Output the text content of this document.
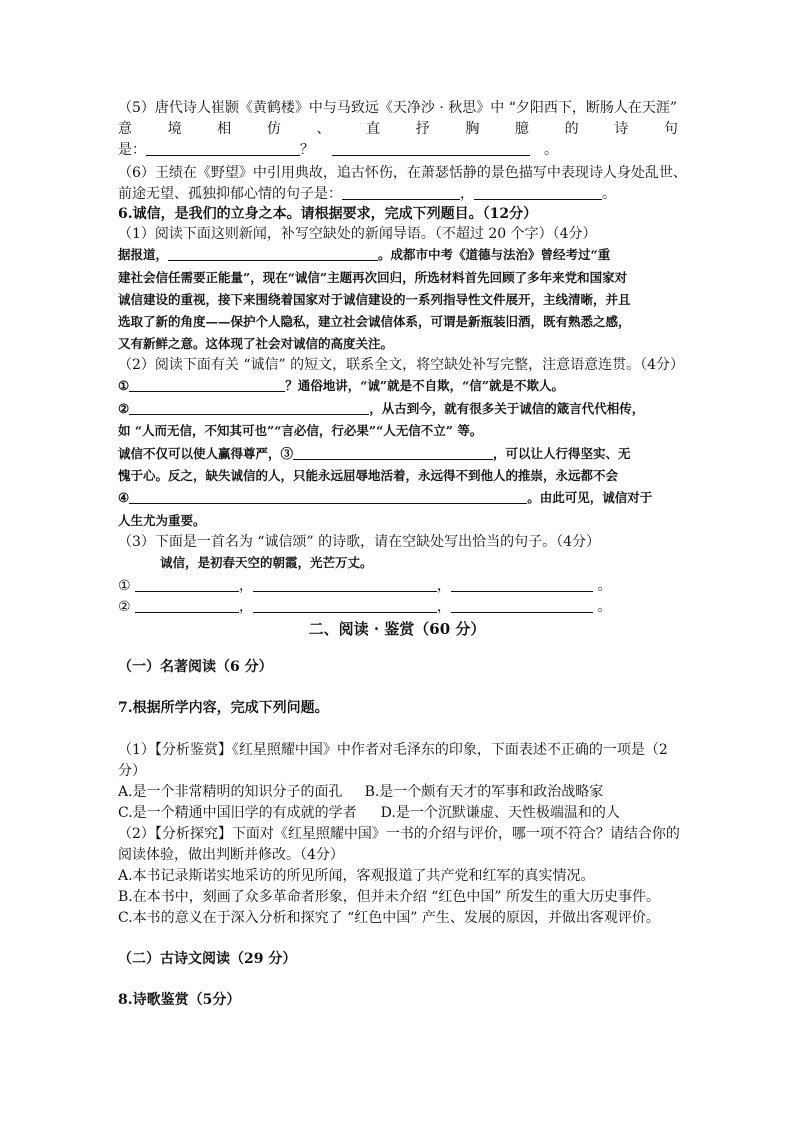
（5）唐代诗人崔颢《黄鹤楼》中与马致远《天净沙 · 秋思》中 “夕阳西下，断肠人在天涯”
意	境	相	仿	、	直	抒	胸	臆	的	诗	句
是：	？	。
（6）王绩在《野望》中引用典故，追古怀伤，在萧瑟恬静的景色描写中表现诗人身处乱世、
前途无望、孤独抑郁心情的句子是：	，	。
6.诚信，是我们的立身之本。请根据要求，完成下列题目。（12分）
（1）阅读下面这则新闻，补写空缺处的新闻导语。（不超过 20 个字）（4分）
据报道，	。成都市中考《道德与法治》曾经考过“重
建社会信任需要正能量”，现在“诚信”主题再次回归，所选材料首先回顾了多年来党和国家对
诚信建设的重视，接下来围绕着国家对于诚信建设的一系列指导性文件展开，主线清晰，并且
选取了新的角度——保护个人隐私，建立社会诚信体系，可谓是新瓶装旧酒，既有熟悉之感，
又有新鲜之意。这体现了社会对诚信的高度关注。
（2）阅读下面有关 “诚信” 的短文，联系全文，将空缺处补写完整，注意语意连贯。（4分）
①	？通俗地讲，“诚”就是不自欺，“信”就是不欺人。
②	，从古到今，就有很多关于诚信的箴言代代相传，
如 “人而无信，不知其可也”“言必信，行必果”“人无信不立” 等。
诚信不仅可以使人赢得尊严，③	，可以让人行得坚实、无
愧于心。反之，缺失诚信的人，只能永远屈辱地活着，永远得不到他人的推崇，永远都不会
④	。由此可见，诚信对于
人生尤为重要。
（3）下面是一首名为 “诚信颂” 的诗歌，请在空缺处写出恰当的句子。（4分）
诚信，是初春天空的朝霞，光芒万丈。
①	，	，	。
②	，	，	。
二、阅读 · 鉴赏（60 分）
（一）名著阅读（6 分）
7.根据所学内容，完成下列问题。
（1）【分析鉴赏】《红星照耀中国》中作者对毛泽东的印象，下面表述不正确的一项是（2
分）
A.是一个非常精明的知识分子的面孔 B.是一个颇有天才的军事和政治战略家
C.是一个精通中国旧学的有成就的学者 D.是一个沉默谦虚、天性极端温和的人
（2）【分析探究】下面对《红星照耀中国》一书的介绍与评价，哪一项不符合？请结合你的
阅读体验，做出判断并修改。（4分）
A.本书记录斯诺实地采访的所见所闻，客观报道了共产党和红军的真实情况。
B.在本书中，刻画了众多革命者形象，但并未介绍 “红色中国” 所发生的重大历史事件。
C.本书的意义在于深入分析和探究了 “红色中国” 产生、发展的原因，并做出客观评价。
（二）古诗文阅读（29 分）
8.诗歌鉴赏（5分）
